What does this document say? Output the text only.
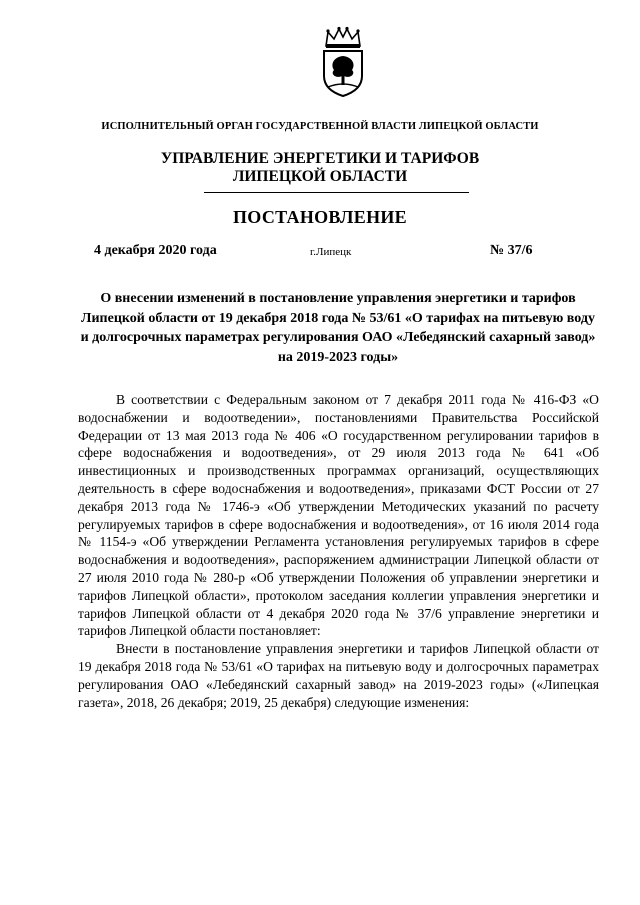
ИСПОЛНИТЕЛЬНЫЙ ОРГАН ГОСУДАРСТВЕННОЙ ВЛАСТИ ЛИПЕЦКОЙ ОБЛАСТИ
УПРАВЛЕНИЕ ЭНЕРГЕТИКИ И ТАРИФОВ
ЛИПЕЦКОЙ ОБЛАСТИ
ПОСТАНОВЛЕНИЕ
4 декабря 2020 года	г.Липецк	№ 37/6
О внесении изменений в постановление управления энергетики и тарифов Липецкой области от 19 декабря 2018 года № 53/61 «О тарифах на питьевую воду и долгосрочных параметрах регулирования ОАО «Лебедянский сахарный завод» на 2019-2023 годы»

В соответствии с Федеральным законом от 7 декабря 2011 года № 416-ФЗ «О водоснабжении и водоотведении», постановлениями Правительства Российской Федерации от 13 мая 2013 года № 406 «О государственном регулировании тарифов в сфере водоснабжения и водоотведения», от 29 июля 2013 года № 641 «Об инвестиционных и производственных программах организаций, осуществляющих деятельность в сфере водоснабжения и водоотведения», приказами ФСТ России от 27 декабря 2013 года № 1746-э «Об утверждении Методических указаний по расчету регулируемых тарифов в сфере водоснабжения и водоотведения», от 16 июля 2014 года № 1154-э «Об утверждении Регламента установления регулируемых тарифов в сфере водоснабжения и водоотведения», распоряжением администрации Липецкой области от 27 июля 2010 года № 280-р «Об утверждении Положения об управлении энергетики и тарифов Липецкой области», протоколом заседания коллегии управления энергетики и тарифов Липецкой области от 4 декабря 2020 года № 37/6 управление энергетики и тарифов Липецкой области постановляет:

Внести в постановление управления энергетики и тарифов Липецкой области от 19 декабря 2018 года № 53/61 «О тарифах на питьевую воду и долгосрочных параметрах регулирования ОАО «Лебедянский сахарный завод» на 2019-2023 годы» («Липецкая газета», 2018, 26 декабря; 2019, 25 декабря) следующие изменения:
